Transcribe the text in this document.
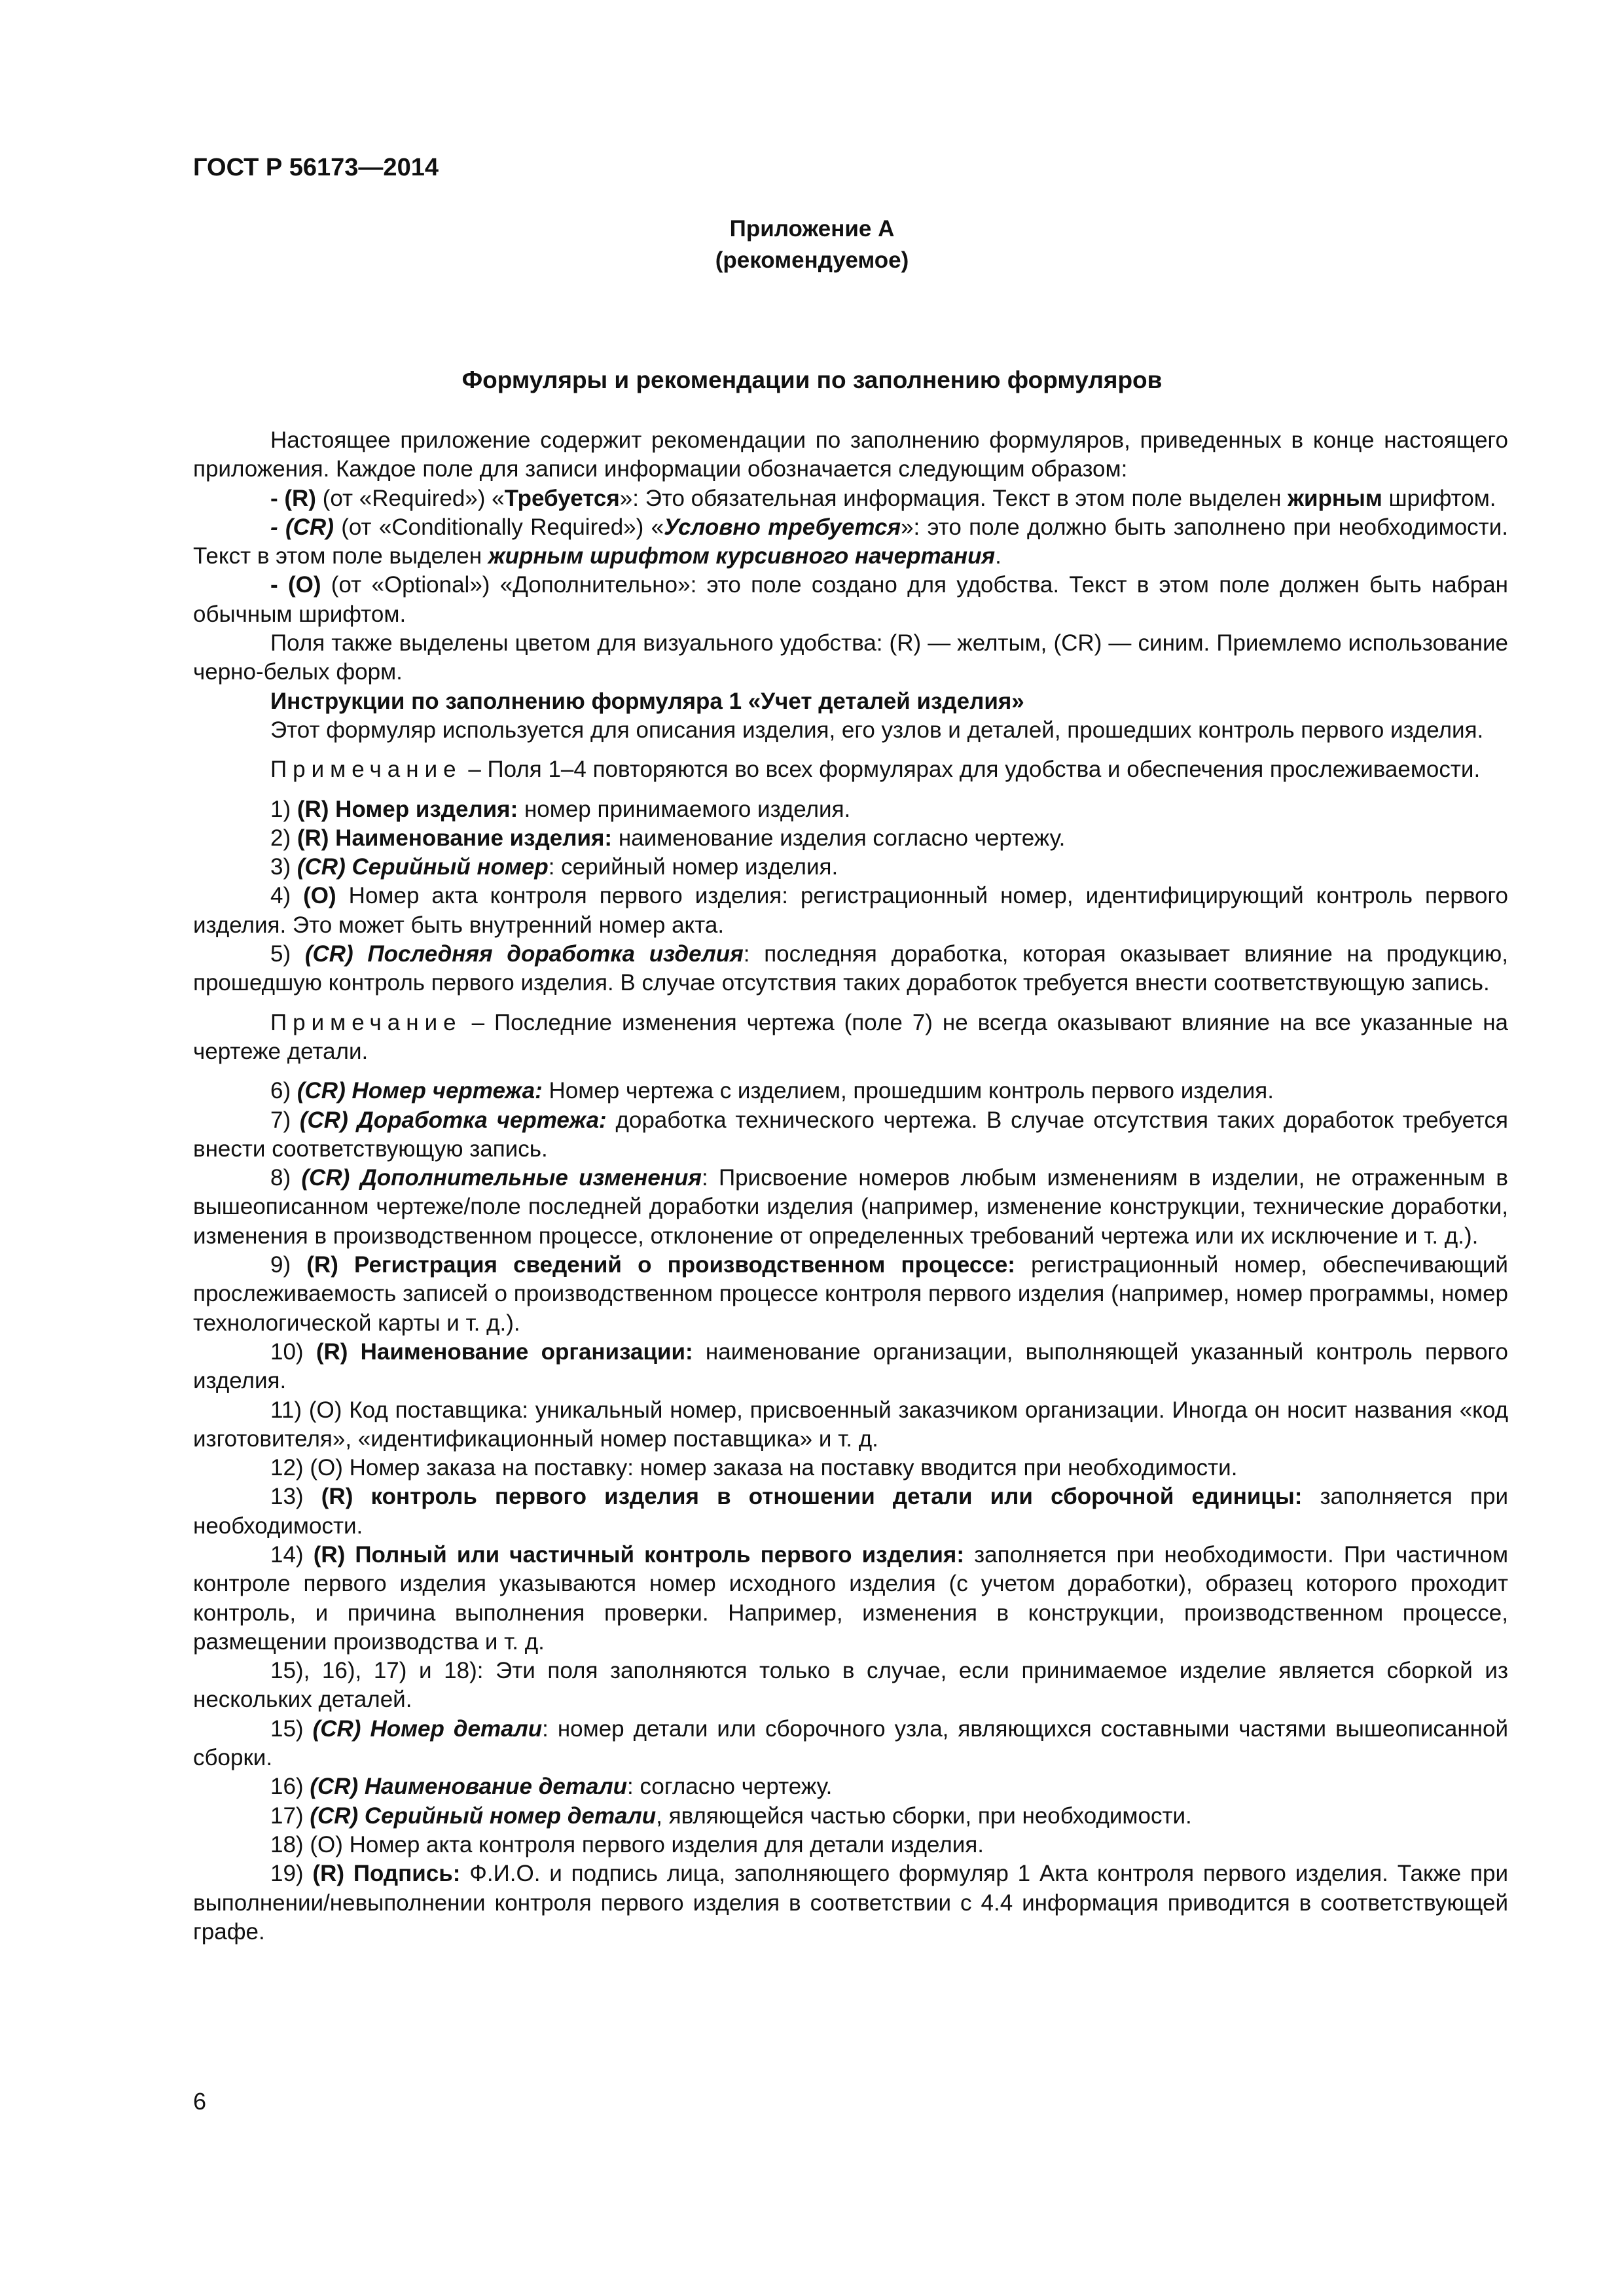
ГОСТ Р 56173—2014

Приложение А
(рекомендуемое)

Формуляры и рекомендации по заполнению формуляров

Настоящее приложение содержит рекомендации по заполнению формуляров, приведенных в конце настоящего приложения. Каждое поле для записи информации обозначается следующим образом:

- (R) (от «Required») «Требуется»: Это обязательная информация. Текст в этом поле выделен жирным шрифтом.

- (CR) (от «Conditionally Required») «Условно требуется»: это поле должно быть заполнено при необходимости. Текст в этом поле выделен жирным шрифтом курсивного начертания.

- (O) (от «Optional») «Дополнительно»: это поле создано для удобства. Текст в этом поле должен быть набран обычным шрифтом.

Поля также выделены цветом для визуального удобства: (R) — желтым, (CR) — синим. Приемлемо использование черно-белых форм.

Инструкции по заполнению формуляра 1 «Учет деталей изделия»

Этот формуляр используется для описания изделия, его узлов и деталей, прошедших контроль первого изделия.

Примечание – Поля 1–4 повторяются во всех формулярах для удобства и обеспечения прослеживаемости.

1) (R) Номер изделия: номер принимаемого изделия.

2) (R) Наименование изделия: наименование изделия согласно чертежу.

3) (CR) Серийный номер: серийный номер изделия.

4) (O) Номер акта контроля первого изделия: регистрационный номер, идентифицирующий контроль первого изделия. Это может быть внутренний номер акта.

5) (CR) Последняя доработка изделия: последняя доработка, которая оказывает влияние на продукцию, прошедшую контроль первого изделия. В случае отсутствия таких доработок требуется внести соответствующую запись.

Примечание – Последние изменения чертежа (поле 7) не всегда оказывают влияние на все указанные на чертеже детали.

6) (CR) Номер чертежа: Номер чертежа с изделием, прошедшим контроль первого изделия.

7) (CR) Доработка чертежа: доработка технического чертежа. В случае отсутствия таких доработок требуется внести соответствующую запись.

8) (CR) Дополнительные изменения: Присвоение номеров любым изменениям в изделии, не отраженным в вышеописанном чертеже/поле последней доработки изделия (например, изменение конструкции, технические доработки, изменения в производственном процессе, отклонение от определенных требований чертежа или их исключение и т. д.).

9) (R) Регистрация сведений о производственном процессе: регистрационный номер, обеспечивающий прослеживаемость записей о производственном процессе контроля первого изделия (например, номер программы, номер технологической карты и т. д.).

10) (R) Наименование организации: наименование организации, выполняющей указанный контроль первого изделия.

11) (O) Код поставщика: уникальный номер, присвоенный заказчиком организации. Иногда он носит названия «код изготовителя», «идентификационный номер поставщика» и т. д.

12) (O) Номер заказа на поставку: номер заказа на поставку вводится при необходимости.

13) (R) контроль первого изделия в отношении детали или сборочной единицы: заполняется при необходимости.

14) (R) Полный или частичный контроль первого изделия: заполняется при необходимости. При частичном контроле первого изделия указываются номер исходного изделия (с учетом доработки), образец которого проходит контроль, и причина выполнения проверки. Например, изменения в конструкции, производственном процессе, размещении производства и т. д.

15), 16), 17) и 18): Эти поля заполняются только в случае, если принимаемое изделие является сборкой из нескольких деталей.

15) (CR) Номер детали: номер детали или сборочного узла, являющихся составными частями вышеописанной сборки.

16) (CR) Наименование детали: согласно чертежу.

17) (CR) Серийный номер детали, являющейся частью сборки, при необходимости.

18) (O) Номер акта контроля первого изделия для детали изделия.

19) (R) Подпись: Ф.И.О. и подпись лица, заполняющего формуляр 1 Акта контроля первого изделия. Также при выполнении/невыполнении контроля первого изделия в соответствии с 4.4 информация приводится в соответствующей графе.

6
